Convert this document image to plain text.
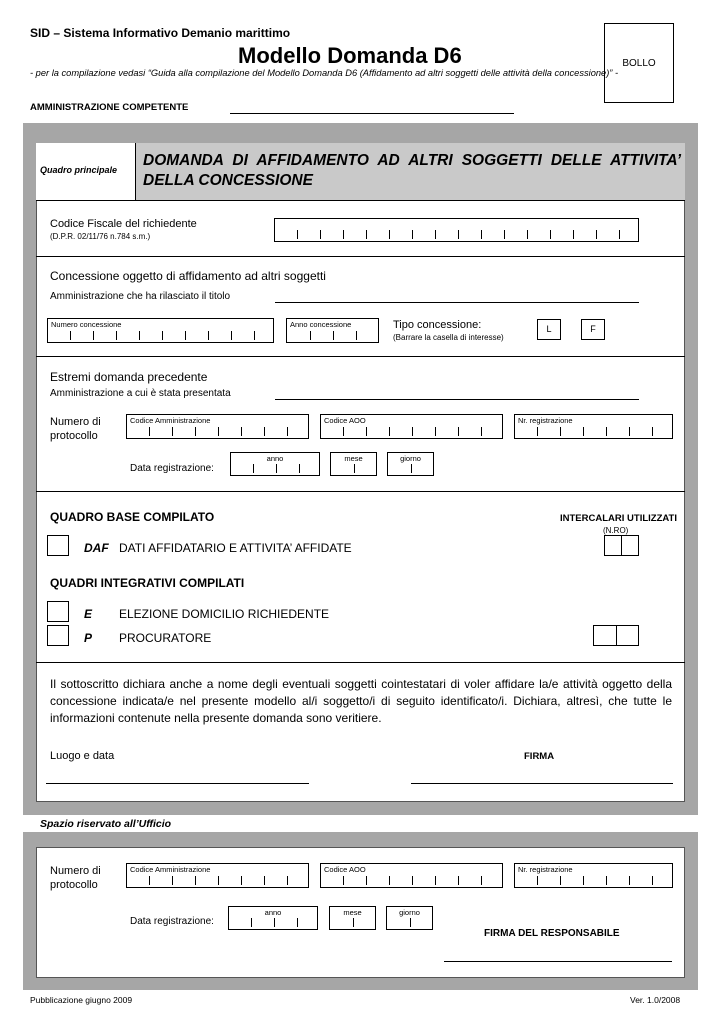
SID – Sistema Informativo Demanio marittimo
Modello Domanda D6
- per la compilazione vedasi “Guida alla compilazione del Modello Domanda D6 (Affidamento ad altri soggetti delle attività della concessione)” -
BOLLO
AMMINISTRAZIONE COMPETENTE
Quadro principale
DOMANDA DI AFFIDAMENTO AD ALTRI SOGGETTI DELLE ATTIVITA’ DELLA CONCESSIONE
Codice Fiscale del richiedente
(D.P.R. 02/11/76 n.784 s.m.)
Concessione oggetto di affidamento ad altri soggetti
Amministrazione che ha rilasciato il titolo
Numero concessione	Anno concessione	Tipo concessione:
(Barrare la casella di interesse)
L	F
Estremi domanda precedente
Amministrazione a cui è stata presentata
Numero di
protocollo
Codice Amministrazione	Codice AOO	Nr. registrazione
Data registrazione:
anno	mese	giorno
QUADRO BASE COMPILATO	INTERCALARI UTILIZZATI
(N.RO)
DAF DATI AFFIDATARIO E ATTIVITA’ AFFIDATE
QUADRI INTEGRATIVI COMPILATI
E ELEZIONE DOMICILIO RICHIEDENTE
P PROCURATORE
Il sottoscritto dichiara anche a nome degli eventuali soggetti cointestatari di voler affidare la/e attività oggetto della concessione indicata/e nel presente modello al/i soggetto/i di seguito identificato/i. Dichiara, altresì, che tutte le informazioni contenute nella presente domanda sono veritiere.
Luogo e data	FIRMA
Spazio riservato all’Ufficio
Numero di
protocollo
Codice Amministrazione	Codice AOO	Nr. registrazione
Data registrazione:
anno	mese	giorno
FIRMA DEL RESPONSABILE
Pubblicazione giugno 2009	Ver. 1.0/2008
